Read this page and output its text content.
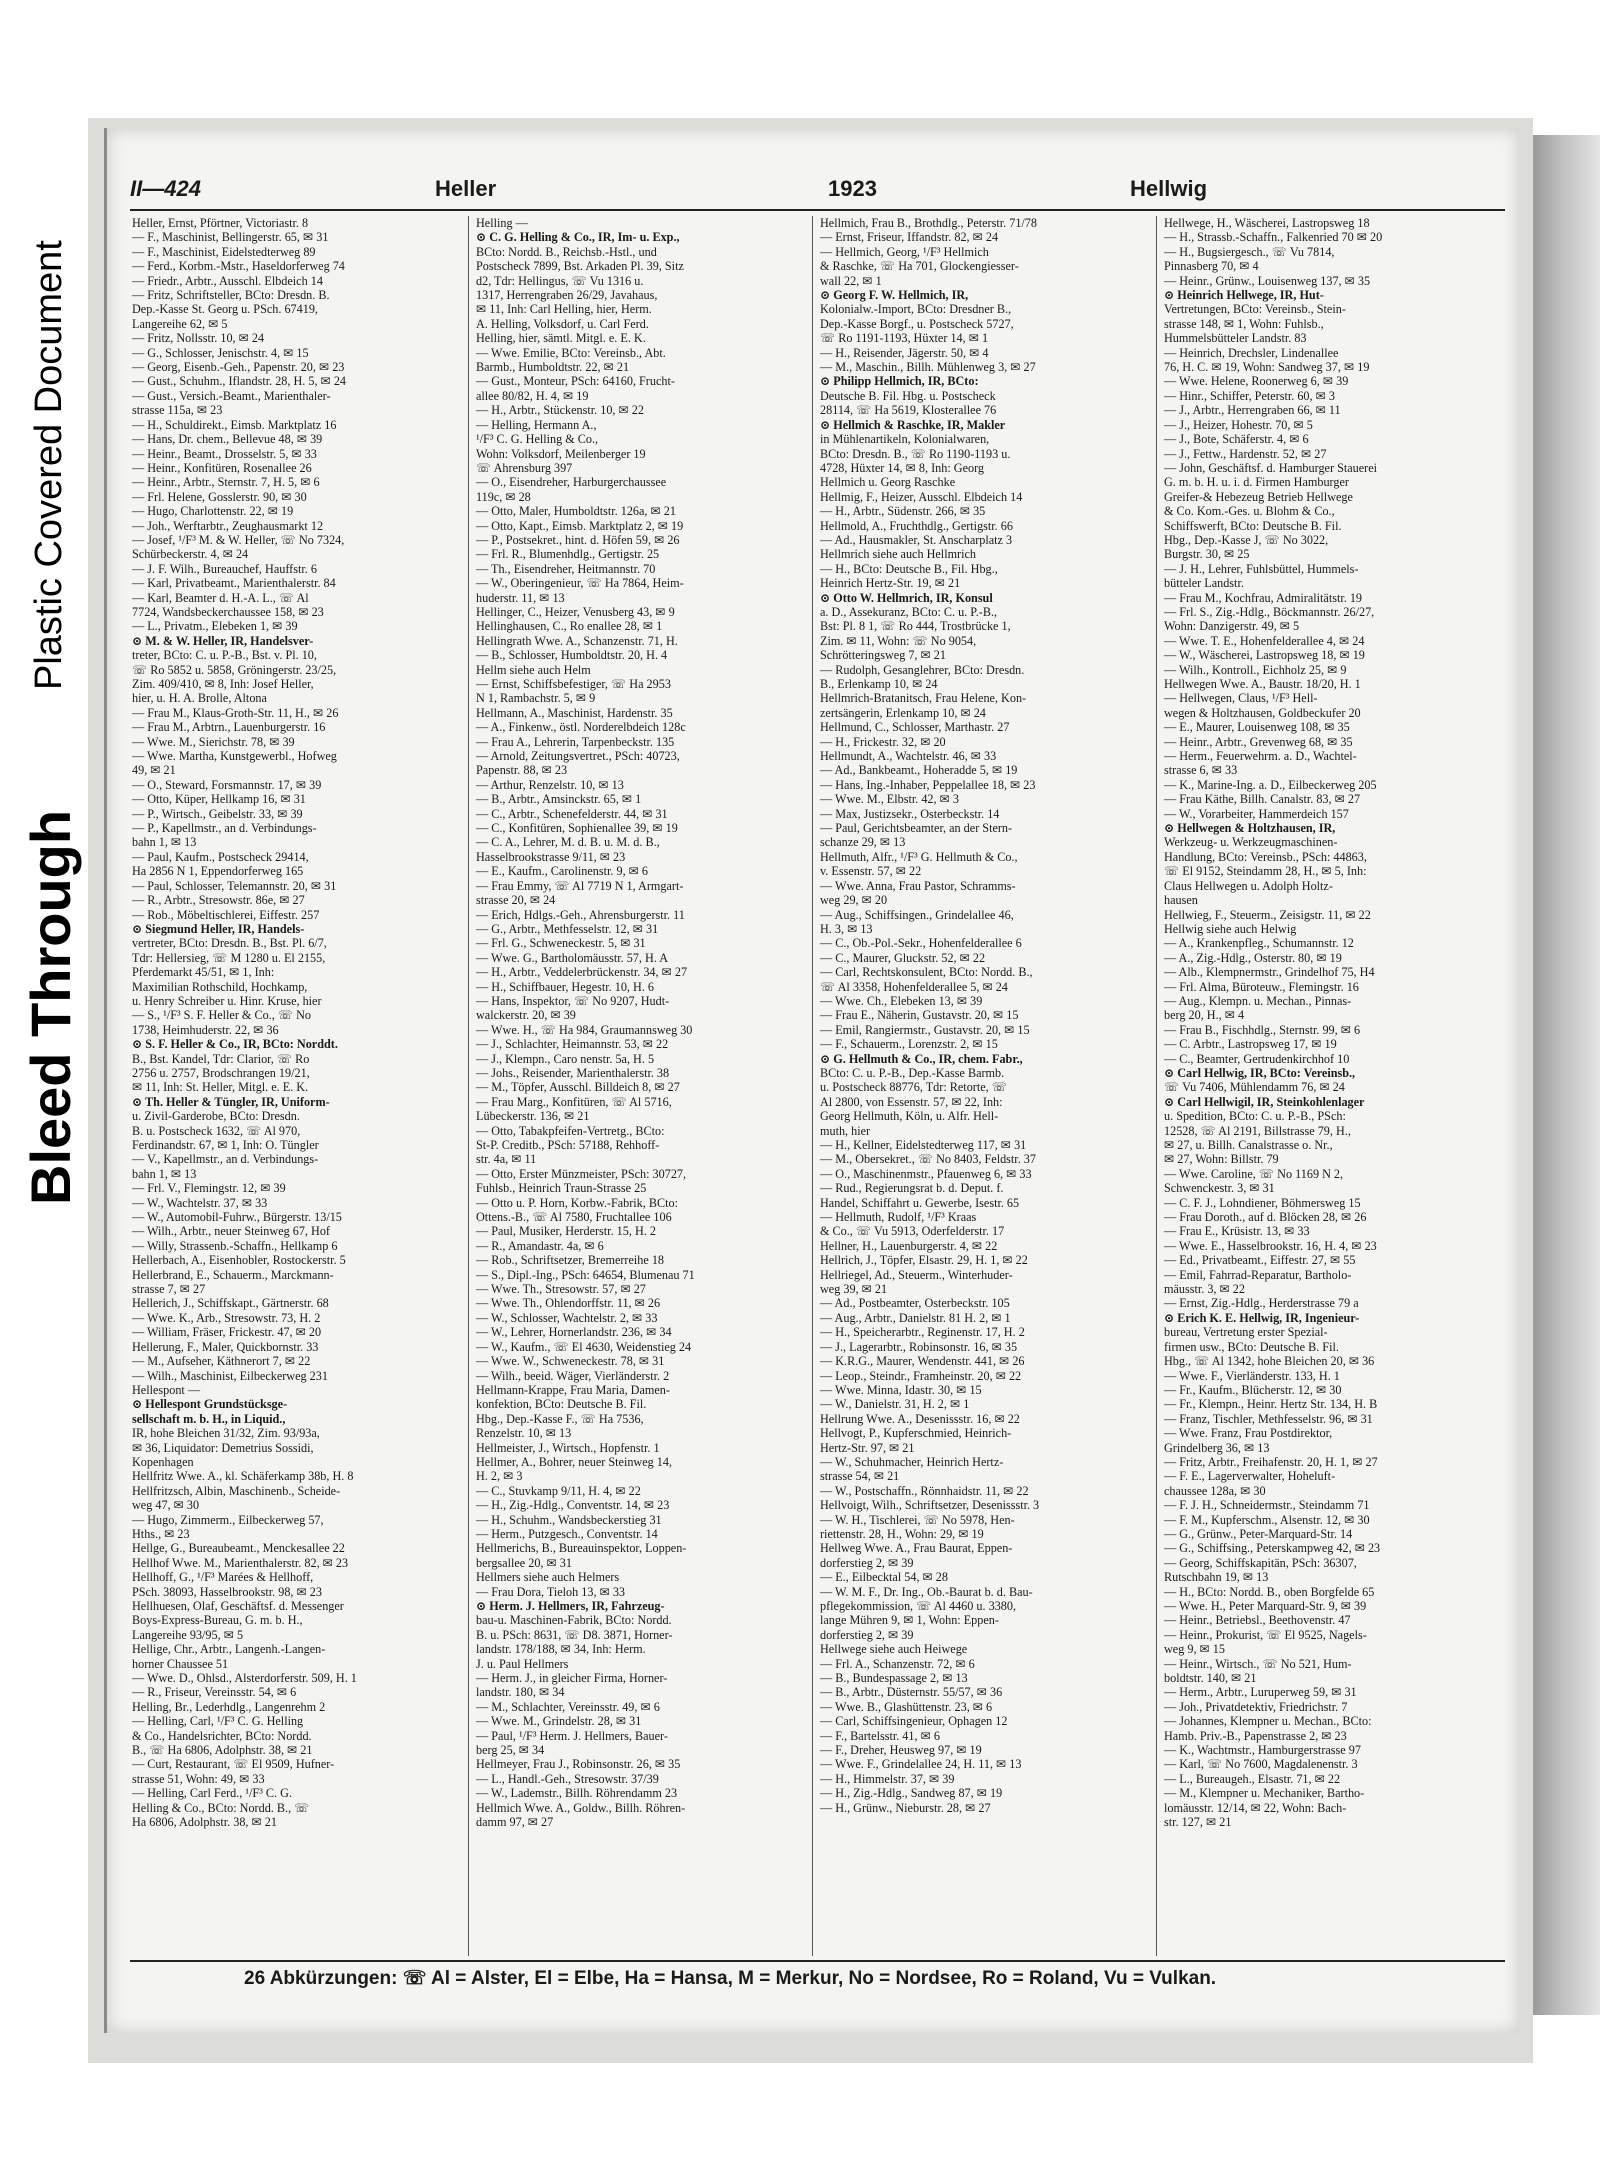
Plastic Covered Document
Bleed Through
II—424	Heller	1923	Hellwig
Heller, Ernst, Pförtner, Victoriastr. 8
— F., Maschinist, Bellingerstr. 65, ✉ 31
— F., Maschinist, Eidelstedterweg 89
— Ferd., Korbm.-Mstr., Haseldorferweg 74
— Friedr., Arbtr., Ausschl. Elbdeich 14
— Fritz, Schriftsteller, BCto: Dresdn. B.
Dep.-Kasse St. Georg u. PSch. 67419,
Langereihe 62, ✉ 5
— Fritz, Nollsstr. 10, ✉ 24
— G., Schlosser, Jenischstr. 4, ✉ 15
— Georg, Eisenb.-Geh., Papenstr. 20, ✉ 23
— Gust., Schuhm., Iflandstr. 28, H. 5, ✉ 24
— Gust., Versich.-Beamt., Marienthaler-
strasse 115a, ✉ 23
— H., Schuldirekt., Eimsb. Marktplatz 16
— Hans, Dr. chem., Bellevue 48, ✉ 39
— Heinr., Beamt., Drosselstr. 5, ✉ 33
— Heinr., Konfitüren, Rosenallee 26
— Heinr., Arbtr., Sternstr. 7, H. 5, ✉ 6
— Frl. Helene, Gosslerstr. 90, ✉ 30
— Hugo, Charlottenstr. 22, ✉ 19
— Joh., Werftarbtr., Zeughausmarkt 12
— Josef, ¹/F³ M. & W. Heller, ☏ No 7324,
Schürbeckerstr. 4, ✉ 24
— J. F. Wilh., Bureauchef, Hauffstr. 6
— Karl, Privatbeamt., Marienthalerstr. 84
— Karl, Beamter d. H.-A. L., ☏ Al
7724, Wandsbeckerchaussee 158, ✉ 23
— L., Privatm., Elebeken 1, ✉ 39
⊙ M. & W. Heller, IR, Handelsver-
treter, BCto: C. u. P.-B., Bst. v. Pl. 10,
☏ Ro 5852 u. 5858, Gröningerstr. 23/25,
Zim. 409/410, ✉ 8, Inh: Josef Heller,
hier, u. H. A. Brolle, Altona
— Frau M., Klaus-Groth-Str. 11, H., ✉ 26
— Frau M., Arbtrn., Lauenburgerstr. 16
— Wwe. M., Sierichstr. 78, ✉ 39
— Wwe. Martha, Kunstgewerbl., Hofweg
49, ✉ 21
— O., Steward, Forsmannstr. 17, ✉ 39
— Otto, Küper, Hellkamp 16, ✉ 31
— P., Wirtsch., Geibelstr. 33, ✉ 39
— P., Kapellmstr., an d. Verbindungs-
bahn 1, ✉ 13
— Paul, Kaufm., Postscheck 29414,
Ha 2856 N 1, Eppendorferweg 165
— Paul, Schlosser, Telemannstr. 20, ✉ 31
— R., Arbtr., Stresowstr. 86e, ✉ 27
— Rob., Möbeltischlerei, Eiffestr. 257
⊙ Siegmund Heller, IR, Handels-
vertreter, BCto: Dresdn. B., Bst. Pl. 6/7,
Tdr: Hellersieg, ☏ M 1280 u. El 2155,
Pferdemarkt 45/51, ✉ 1, Inh:
Maximilian Rothschild, Hochkamp,
u. Henry Schreiber u. Hinr. Kruse, hier
— S., ¹/F³ S. F. Heller & Co., ☏ No
1738, Heimhuderstr. 22, ✉ 36
⊙ S. F. Heller & Co., IR, BCto: Norddt.
B., Bst. Kandel, Tdr: Clarior, ☏ Ro
2756 u. 2757, Brodschrangen 19/21,
✉ 11, Inh: St. Heller, Mitgl. e. E. K.
⊙ Th. Heller & Tüngler, IR, Uniform-
u. Zivil-Garderobe, BCto: Dresdn.
B. u. Postscheck 1632, ☏ Al 970,
Ferdinandstr. 67, ✉ 1, Inh: O. Tüngler
— V., Kapellmstr., an d. Verbindungs-
bahn 1, ✉ 13
— Frl. V., Flemingstr. 12, ✉ 39
— W., Wachtelstr. 37, ✉ 33
— W., Automobil-Fuhrw., Bürgerstr. 13/15
— Wilh., Arbtr., neuer Steinweg 67, Hof
— Willy, Strassenb.-Schaffn., Hellkamp 6
Hellerbach, A., Eisenhobler, Rostockerstr. 5
Hellerbrand, E., Schauerm., Marckmann-
strasse 7, ✉ 27
Hellerich, J., Schiffskapt., Gärtnerstr. 68
— Wwe. K., Arb., Stresowstr. 73, H. 2
— William, Fräser, Frickestr. 47, ✉ 20
Hellerung, F., Maler, Quickbornstr. 33
— M., Aufseher, Käthnerort 7, ✉ 22
— Wilh., Maschinist, Eilbeckerweg 231
Hellespont —
⊙ Hellespont Grundstücksge-
sellschaft m. b. H., in Liquid.,
IR, hohe Bleichen 31/32, Zim. 93/93a,
✉ 36, Liquidator: Demetrius Sossidi,
Kopenhagen
Hellfritz Wwe. A., kl. Schäferkamp 38b, H. 8
Hellfritzsch, Albin, Maschinenb., Scheide-
weg 47, ✉ 30
— Hugo, Zimmerm., Eilbeckerweg 57,
Hths., ✉ 23
Hellge, G., Bureaubeamt., Menckesallee 22
Hellhof Wwe. M., Marienthalerstr. 82, ✉ 23
Hellhoff, G., ¹/F³ Marées & Hellhoff,
PSch. 38093, Hasselbrookstr. 98, ✉ 23
Hellhuesen, Olaf, Geschäftsf. d. Messenger
Boys-Express-Bureau, G. m. b. H.,
Langereihe 93/95, ✉ 5
Hellige, Chr., Arbtr., Langenh.-Langen-
horner Chaussee 51
— Wwe. D., Ohlsd., Alsterdorferstr. 509, H. 1
— R., Friseur, Vereinsstr. 54, ✉ 6
Helling, Br., Lederhdlg., Langenrehm 2
— Helling, Carl, ¹/F³ C. G. Helling
& Co., Handelsrichter, BCto: Nordd.
B., ☏ Ha 6806, Adolphstr. 38, ✉ 21
— Curt, Restaurant, ☏ El 9509, Hufner-
strasse 51, Wohn: 49, ✉ 33
— Helling, Carl Ferd., ¹/F³ C. G.
Helling & Co., BCto: Nordd. B., ☏
Ha 6806, Adolphstr. 38, ✉ 21
Helling —
⊙ C. G. Helling & Co., IR, Im- u. Exp.,
BCto: Nordd. B., Reichsb.-Hstl., und
Postscheck 7899, Bst. Arkaden Pl. 39, Sitz
d2, Tdr: Hellingus, ☏ Vu 1316 u.
1317, Herrengraben 26/29, Javahaus,
✉ 11, Inh: Carl Helling, hier, Herm.
A. Helling, Volksdorf, u. Carl Ferd.
Helling, hier, sämtl. Mitgl. e. E. K.
— Wwe. Emilie, BCto: Vereinsb., Abt.
Barmb., Humboldtstr. 22, ✉ 21
— Gust., Monteur, PSch: 64160, Frucht-
allee 80/82, H. 4, ✉ 19
— H., Arbtr., Stückenstr. 10, ✉ 22
— Helling, Hermann A.,
¹/F³ C. G. Helling & Co.,
Wohn: Volksdorf, Meilenberger 19
☏ Ahrensburg 397
— O., Eisendreher, Harburgerchaussee
119c, ✉ 28
— Otto, Maler, Humboldtstr. 126a, ✉ 21
— Otto, Kapt., Eimsb. Marktplatz 2, ✉ 19
— P., Postsekret., hint. d. Höfen 59, ✉ 26
— Frl. R., Blumenhdlg., Gertigstr. 25
— Th., Eisendreher, Heitmannstr. 70
— W., Oberingenieur, ☏ Ha 7864, Heim-
huderstr. 11, ✉ 13
Hellinger, C., Heizer, Venusberg 43, ✉ 9
Hellinghausen, C., Ro enallee 28, ✉ 1
Hellingrath Wwe. A., Schanzenstr. 71, H.
— B., Schlosser, Humboldtstr. 20, H. 4
Hellm siehe auch Helm
— Ernst, Schiffsbefestiger, ☏ Ha 2953
N 1, Rambachstr. 5, ✉ 9
Hellmann, A., Maschinist, Hardenstr. 35
— A., Finkenw., östl. Norderelbdeich 128c
— Frau A., Lehrerin, Tarpenbeckstr. 135
— Arnold, Zeitungsvertret., PSch: 40723,
Papenstr. 88, ✉ 23
— Arthur, Renzelstr. 10, ✉ 13
— B., Arbtr., Amsinckstr. 65, ✉ 1
— C., Arbtr., Schenefelderstr. 44, ✉ 31
— C., Konfitüren, Sophienallee 39, ✉ 19
— C. A., Lehrer, M. d. B. u. M. d. B.,
Hasselbrookstrasse 9/11, ✉ 23
— E., Kaufm., Carolinenstr. 9, ✉ 6
— Frau Emmy, ☏ Al 7719 N 1, Armgart-
strasse 20, ✉ 24
— Erich, Hdlgs.-Geh., Ahrensburgerstr. 11
— G., Arbtr., Methfesselstr. 12, ✉ 31
— Frl. G., Schweneckestr. 5, ✉ 31
— Wwe. G., Bartholomäusstr. 57, H. A
— H., Arbtr., Veddelerbrückenstr. 34, ✉ 27
— H., Schiffbauer, Hegestr. 10, H. 6
— Hans, Inspektor, ☏ No 9207, Hudt-
walckerstr. 20, ✉ 39
— Wwe. H., ☏ Ha 984, Graumannsweg 30
— J., Schlachter, Heimannstr. 53, ✉ 22
— J., Klempn., Caro nenstr. 5a, H. 5
— Johs., Reisender, Marienthalerstr. 38
— M., Töpfer, Ausschl. Billdeich 8, ✉ 27
— Frau Marg., Konfitüren, ☏ Al 5716,
Lübeckerstr. 136, ✉ 21
— Otto, Tabakpfeifen-Vertretg., BCto:
St-P. Creditb., PSch: 57188, Rehhoff-
str. 4a, ✉ 11
— Otto, Erster Münzmeister, PSch: 30727,
Fuhlsb., Heinrich Traun-Strasse 25
— Otto u. P. Horn, Korbw.-Fabrik, BCto:
Ottens.-B., ☏ Al 7580, Fruchtallee 106
— Paul, Musiker, Herderstr. 15, H. 2
— R., Amandastr. 4a, ✉ 6
— Rob., Schriftsetzer, Bremerreihe 18
— S., Dipl.-Ing., PSch: 64654, Blumenau 71
— Wwe. Th., Stresowstr. 57, ✉ 27
— Wwe. Th., Ohlendorffstr. 11, ✉ 26
— W., Schlosser, Wachtelstr. 2, ✉ 33
— W., Lehrer, Hornerlandstr. 236, ✉ 34
— W., Kaufm., ☏ El 4630, Weidenstieg 24
— Wwe. W., Schweneckestr. 78, ✉ 31
— Wilh., beeid. Wäger, Vierländerstr. 2
Hellmann-Krappe, Frau Maria, Damen-
konfektion, BCto: Deutsche B. Fil.
Hbg., Dep.-Kasse F., ☏ Ha 7536,
Renzelstr. 10, ✉ 13
Hellmeister, J., Wirtsch., Hopfenstr. 1
Hellmer, A., Bohrer, neuer Steinweg 14,
H. 2, ✉ 3
— C., Stuvkamp 9/11, H. 4, ✉ 22
— H., Zig.-Hdlg., Conventstr. 14, ✉ 23
— H., Schuhm., Wandsbeckerstieg 31
— Herm., Putzgesch., Conventstr. 14
Hellmerichs, B., Bureauinspektor, Loppen-
bergsallee 20, ✉ 31
Hellmers siehe auch Helmers
— Frau Dora, Tieloh 13, ✉ 33
⊙ Herm. J. Hellmers, IR, Fahrzeug-
bau-u. Maschinen-Fabrik, BCto: Nordd.
B. u. PSch: 8631, ☏ D8. 3871, Horner-
landstr. 178/188, ✉ 34, Inh: Herm.
J. u. Paul Hellmers
— Herm. J., in gleicher Firma, Horner-
landstr. 180, ✉ 34
— M., Schlachter, Vereinsstr. 49, ✉ 6
— Wwe. M., Grindelstr. 28, ✉ 31
— Paul, ¹/F³ Herm. J. Hellmers, Bauer-
berg 25, ✉ 34
Hellmeyer, Frau J., Robinsonstr. 26, ✉ 35
— L., Handl.-Geh., Stresowstr. 37/39
— W., Lademstr., Billh. Röhrendamm 23
Hellmich Wwe. A., Goldw., Billh. Röhren-
damm 97, ✉ 27
Hellmich, Frau B., Brothdlg., Peterstr. 71/78
— Ernst, Friseur, Iffandstr. 82, ✉ 24
— Hellmich, Georg, ¹/F³ Hellmich
& Raschke, ☏ Ha 701, Glockengiesser-
wall 22, ✉ 1
⊙ Georg F. W. Hellmich, IR,
Kolonialw.-Import, BCto: Dresdner B.,
Dep.-Kasse Borgf., u. Postscheck 5727,
☏ Ro 1191-1193, Hüxter 14, ✉ 1
— H., Reisender, Jägerstr. 50, ✉ 4
— M., Maschin., Billh. Mühlenweg 3, ✉ 27
⊙ Philipp Hellmich, IR, BCto:
Deutsche B. Fil. Hbg. u. Postscheck
28114, ☏ Ha 5619, Klosterallee 76
⊙ Hellmich & Raschke, IR, Makler
in Mühlenartikeln, Kolonialwaren,
BCto: Dresdn. B., ☏ Ro 1190-1193 u.
4728, Hüxter 14, ✉ 8, Inh: Georg
Hellmich u. Georg Raschke
Hellmig, F., Heizer, Ausschl. Elbdeich 14
— H., Arbtr., Südenstr. 266, ✉ 35
Hellmold, A., Fruchthdlg., Gertigstr. 66
— Ad., Hausmakler, St. Anscharplatz 3
Hellmrich siehe auch Hellmrich
— H., BCto: Deutsche B., Fil. Hbg.,
Heinrich Hertz-Str. 19, ✉ 21
⊙ Otto W. Hellmrich, IR, Konsul
a. D., Assekuranz, BCto: C. u. P.-B.,
Bst: Pl. 8 1, ☏ Ro 444, Trostbrücke 1,
Zim. ✉ 11, Wohn: ☏ No 9054,
Schrötteringsweg 7, ✉ 21
— Rudolph, Gesanglehrer, BCto: Dresdn.
B., Erlenkamp 10, ✉ 24
Hellmrich-Bratanitsch, Frau Helene, Kon-
zertsängerin, Erlenkamp 10, ✉ 24
Hellmund, C., Schlosser, Marthastr. 27
— H., Frickestr. 32, ✉ 20
Hellmundt, A., Wachtelstr. 46, ✉ 33
— Ad., Bankbeamt., Hoheradde 5, ✉ 19
— Hans, Ing.-Inhaber, Peppelallee 18, ✉ 23
— Wwe. M., Elbstr. 42, ✉ 3
— Max, Justizsekr., Osterbeckstr. 14
— Paul, Gerichtsbeamter, an der Stern-
schanze 29, ✉ 13
Hellmuth, Alfr., ¹/F³ G. Hellmuth & Co.,
v. Essenstr. 57, ✉ 22
— Wwe. Anna, Frau Pastor, Schramms-
weg 29, ✉ 20
— Aug., Schiffsingen., Grindelallee 46,
H. 3, ✉ 13
— C., Ob.-Pol.-Sekr., Hohenfelderallee 6
— C., Maurer, Gluckstr. 52, ✉ 22
— Carl, Rechtskonsulent, BCto: Nordd. B.,
☏ Al 3358, Hohenfelderallee 5, ✉ 24
— Wwe. Ch., Elebeken 13, ✉ 39
— Frau E., Näherin, Gustavstr. 20, ✉ 15
— Emil, Rangiermstr., Gustavstr. 20, ✉ 15
— F., Schauerm., Lorenzstr. 2, ✉ 15
⊙ G. Hellmuth & Co., IR, chem. Fabr.,
BCto: C. u. P.-B., Dep.-Kasse Barmb.
u. Postscheck 88776, Tdr: Retorte, ☏
Al 2800, von Essenstr. 57, ✉ 22, Inh:
Georg Hellmuth, Köln, u. Alfr. Hell-
muth, hier
— H., Kellner, Eidelstedterweg 117, ✉ 31
— M., Obersekret., ☏ No 8403, Feldstr. 37
— O., Maschinenmstr., Pfauenweg 6, ✉ 33
— Rud., Regierungsrat b. d. Deput. f.
Handel, Schiffahrt u. Gewerbe, Isestr. 65
— Hellmuth, Rudolf, ¹/F³ Kraas
& Co., ☏ Vu 5913, Oderfelderstr. 17
Hellner, H., Lauenburgerstr. 4, ✉ 22
Hellrich, J., Töpfer, Elsastr. 29, H. 1, ✉ 22
Hellriegel, Ad., Steuerm., Winterhuder-
weg 39, ✉ 21
— Ad., Postbeamter, Osterbeckstr. 105
— Aug., Arbtr., Danielstr. 81 H. 2, ✉ 1
— H., Speicherarbtr., Reginenstr. 17, H. 2
— J., Lagerarbtr., Robinsonstr. 16, ✉ 35
— K.R.G., Maurer, Wendenstr. 441, ✉ 26
— Leop., Steindr., Framheinstr. 20, ✉ 22
— Wwe. Minna, Idastr. 30, ✉ 15
— W., Danielstr. 31, H. 2, ✉ 1
Hellrung Wwe. A., Desenissstr. 16, ✉ 22
Hellvogt, P., Kupferschmied, Heinrich-
Hertz-Str. 97, ✉ 21
— W., Schuhmacher, Heinrich Hertz-
strasse 54, ✉ 21
— W., Postschaffn., Rönnhaidstr. 11, ✉ 22
Hellvoigt, Wilh., Schriftsetzer, Desenissstr. 3
— W. H., Tischlerei, ☏ No 5978, Hen-
riettenstr. 28, H., Wohn: 29, ✉ 19
Hellweg Wwe. A., Frau Baurat, Eppen-
dorferstieg 2, ✉ 39
— E., Eilbecktal 54, ✉ 28
— W. M. F., Dr. Ing., Ob.-Baurat b. d. Bau-
pflegekommission, ☏ Al 4460 u. 3380,
lange Mühren 9, ✉ 1, Wohn: Eppen-
dorferstieg 2, ✉ 39
Hellwege siehe auch Heiwege
— Frl. A., Schanzenstr. 72, ✉ 6
— B., Bundespassage 2, ✉ 13
— B., Arbtr., Düsternstr. 55/57, ✉ 36
— Wwe. B., Glashüttenstr. 23, ✉ 6
— Carl, Schiffsingenieur, Ophagen 12
— F., Bartelsstr. 41, ✉ 6
— F., Dreher, Heusweg 97, ✉ 19
— Wwe. F., Grindelallee 24, H. 11, ✉ 13
— H., Himmelstr. 37, ✉ 39
— H., Zig.-Hdlg., Sandweg 87, ✉ 19
— H., Grünw., Nieburstr. 28, ✉ 27
Hellwege, H., Wäscherei, Lastropsweg 18
— H., Strassb.-Schaffn., Falkenried 70 ✉ 20
— H., Bugsiergesch., ☏ Vu 7814,
Pinnasberg 70, ✉ 4
— Heinr., Grünw., Louisenweg 137, ✉ 35
⊙ Heinrich Hellwege, IR, Hut-
Vertretungen, BCto: Vereinsb., Stein-
strasse 148, ✉ 1, Wohn: Fuhlsb.,
Hummelsbütteler Landstr. 83
— Heinrich, Drechsler, Lindenallee
76, H. C. ✉ 19, Wohn: Sandweg 37, ✉ 19
— Wwe. Helene, Roonerweg 6, ✉ 39
— Hinr., Schiffer, Peterstr. 60, ✉ 3
— J., Arbtr., Herrengraben 66, ✉ 11
— J., Heizer, Hohestr. 70, ✉ 5
— J., Bote, Schäferstr. 4, ✉ 6
— J., Fettw., Hardenstr. 52, ✉ 27
— John, Geschäftsf. d. Hamburger Stauerei
G. m. b. H. u. i. d. Firmen Hamburger
Greifer-& Hebezeug Betrieb Hellwege
& Co. Kom.-Ges. u. Blohm & Co.,
Schiffswerft, BCto: Deutsche B. Fil.
Hbg., Dep.-Kasse J, ☏ No 3022,
Burgstr. 30, ✉ 25
— J. H., Lehrer, Fuhlsbüttel, Hummels-
bütteler Landstr.
— Frau M., Kochfrau, Admiralitätstr. 19
— Frl. S., Zig.-Hdlg., Böckmannstr. 26/27,
Wohn: Danzigerstr. 49, ✉ 5
— Wwe. T. E., Hohenfelderallee 4, ✉ 24
— W., Wäscherei, Lastropsweg 18, ✉ 19
— Wilh., Kontroll., Eichholz 25, ✉ 9
Hellwegen Wwe. A., Baustr. 18/20, H. 1
— Hellwegen, Claus, ¹/F³ Hell-
wegen & Holtzhausen, Goldbeckufer 20
— E., Maurer, Louisenweg 108, ✉ 35
— Heinr., Arbtr., Grevenweg 68, ✉ 35
— Herm., Feuerwehrm. a. D., Wachtel-
strasse 6, ✉ 33
— K., Marine-Ing. a. D., Eilbeckerweg 205
— Frau Käthe, Billh. Canalstr. 83, ✉ 27
— W., Vorarbeiter, Hammerdeich 157
⊙ Hellwegen & Holtzhausen, IR,
Werkzeug- u. Werkzeugmaschinen-
Handlung, BCto: Vereinsb., PSch: 44863,
☏ El 9152, Steindamm 28, H., ✉ 5, Inh:
Claus Hellwegen u. Adolph Holtz-
hausen
Hellwieg, F., Steuerm., Zeisigstr. 11, ✉ 22
Hellwig siehe auch Helwig
— A., Krankenpfleg., Schumannstr. 12
— A., Zig.-Hdlg., Osterstr. 80, ✉ 19
— Alb., Klempnermstr., Grindelhof 75, H4
— Frl. Alma, Büroteuw., Flemingstr. 16
— Aug., Klempn. u. Mechan., Pinnas-
berg 20, H., ✉ 4
— Frau B., Fischhdlg., Sternstr. 99, ✉ 6
— C. Arbtr., Lastropsweg 17, ✉ 19
— C., Beamter, Gertrudenkirchhof 10
⊙ Carl Hellwig, IR, BCto: Vereinsb.,
☏ Vu 7406, Mühlendamm 76, ✉ 24
⊙ Carl Hellwigil, IR, Steinkohlenlager
u. Spedition, BCto: C. u. P.-B., PSch:
12528, ☏ Al 2191, Billstrasse 79, H.,
✉ 27, u. Billh. Canalstrasse o. Nr.,
✉ 27, Wohn: Billstr. 79
— Wwe. Caroline, ☏ No 1169 N 2,
Schwenckestr. 3, ✉ 31
— C. F. J., Lohndiener, Böhmersweg 15
— Frau Doroth., auf d. Blöcken 28, ✉ 26
— Frau E., Krüsistr. 13, ✉ 33
— Wwe. E., Hasselbrookstr. 16, H. 4, ✉ 23
— Ed., Privatbeamt., Eiffestr. 27, ✉ 55
— Emil, Fahrrad-Reparatur, Bartholo-
mäusstr. 3, ✉ 22
— Ernst, Zig.-Hdlg., Herderstrasse 79 a
⊙ Erich K. E. Hellwig, IR, Ingenieur-
bureau, Vertretung erster Spezial-
firmen usw., BCto: Deutsche B. Fil.
Hbg., ☏ Al 1342, hohe Bleichen 20, ✉ 36
— Wwe. F., Vierländerstr. 133, H. 1
— Fr., Kaufm., Blücherstr. 12, ✉ 30
— Fr., Klempn., Heinr. Hertz Str. 134, H. B
— Franz, Tischler, Methfesselstr. 96, ✉ 31
— Wwe. Franz, Frau Postdirektor,
Grindelberg 36, ✉ 13
— Fritz, Arbtr., Freihafenstr. 20, H. 1, ✉ 27
— F. E., Lagerverwalter, Hoheluft-
chaussee 128a, ✉ 30
— F. J. H., Schneidermstr., Steindamm 71
— F. M., Kupferschm., Alsenstr. 12, ✉ 30
— G., Grünw., Peter-Marquard-Str. 14
— G., Schiffsing., Peterskampweg 42, ✉ 23
— Georg, Schiffskapitän, PSch: 36307,
Rutschbahn 19, ✉ 13
— H., BCto: Nordd. B., oben Borgfelde 65
— Wwe. H., Peter Marquard-Str. 9, ✉ 39
— Heinr., Betriebsl., Beethovenstr. 47
— Heinr., Prokurist, ☏ El 9525, Nagels-
weg 9, ✉ 15
— Heinr., Wirtsch., ☏ No 521, Hum-
boldtstr. 140, ✉ 21
— Herm., Arbtr., Luruperweg 59, ✉ 31
— Joh., Privatdetektiv, Friedrichstr. 7
— Johannes, Klempner u. Mechan., BCto:
Hamb. Priv.-B., Papenstrasse 2, ✉ 23
— K., Wachtmstr., Hamburgerstrasse 97
— Karl, ☏ No 7600, Magdalenenstr. 3
— L., Bureaugeh., Elsastr. 71, ✉ 22
— M., Klempner u. Mechaniker, Bartho-
lomäusstr. 12/14, ✉ 22, Wohn: Bach-
str. 127, ✉ 21
26 Abkürzungen: ☏ Al = Alster, El = Elbe, Ha = Hansa, M = Merkur, No = Nordsee, Ro = Roland, Vu = Vulkan.
